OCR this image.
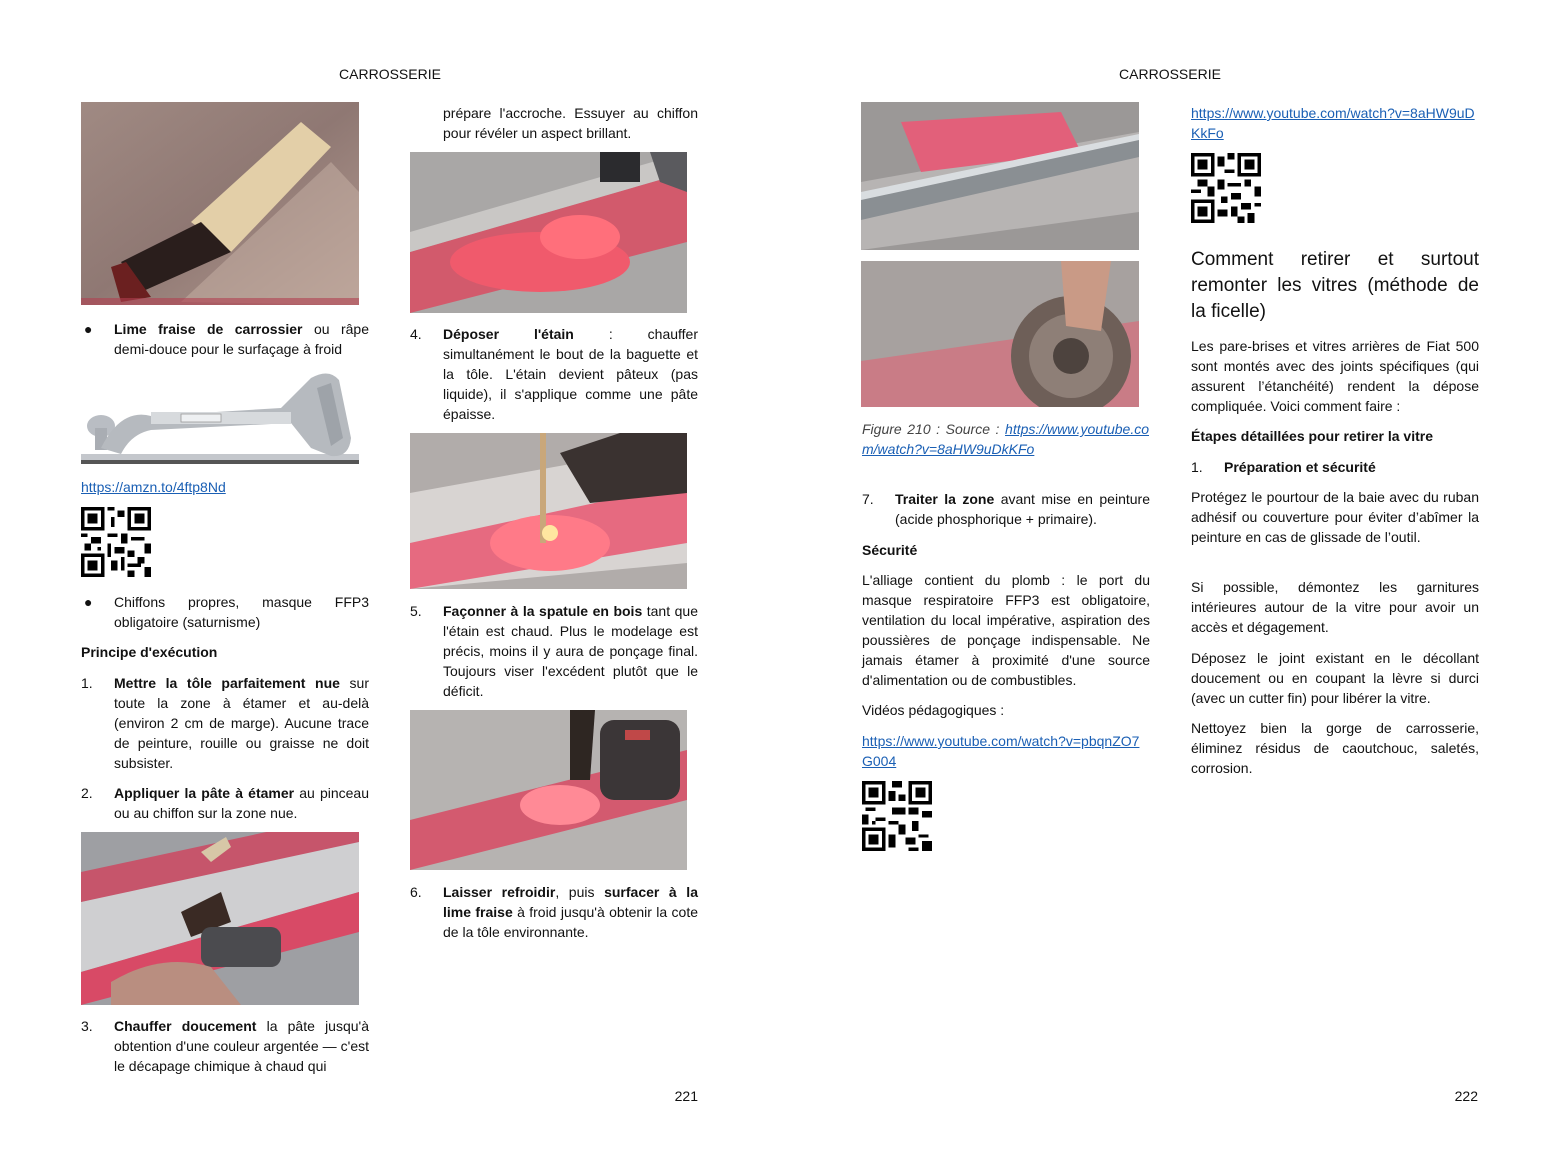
CARROSSERIE
● Lime fraise de carrossier ou râpe demi-douce pour le surfaçage à froid
https://amzn.to/4ftp8Nd
● Chiffons propres, masque FFP3 obligatoire (saturnisme)
Principe d'exécution
1. Mettre la tôle parfaitement nue sur toute la zone à étamer et au-delà (environ 2 cm de marge). Aucune trace de peinture, rouille ou graisse ne doit subsister.
2. Appliquer la pâte à étamer au pinceau ou au chiffon sur la zone nue.
3. Chauffer doucement la pâte jusqu'à obtention d'une couleur argentée — c'est le décapage chimique à chaud qui
prépare l'accroche. Essuyer au chiffon pour révéler un aspect brillant.
4. Déposer l'étain : chauffer simultanément le bout de la baguette et la tôle. L'étain devient pâteux (pas liquide), il s'applique comme une pâte épaisse.
5. Façonner à la spatule en bois tant que l'étain est chaud. Plus le modelage est précis, moins il y aura de ponçage final. Toujours viser l'excédent plutôt que le déficit.
6. Laisser refroidir, puis surfacer à la lime fraise à froid jusqu'à obtenir la cote de la tôle environnante.
221
CARROSSERIE
Figure 210 : Source : https://www.youtube.com/watch?v=8aHW9uDkKFo
7. Traiter la zone avant mise en peinture (acide phosphorique + primaire).
Sécurité
L'alliage contient du plomb : le port du masque respiratoire FFP3 est obligatoire, ventilation du local impérative, aspiration des poussières de ponçage indispensable. Ne jamais étamer à proximité d'une source d'alimentation ou de combustibles.
Vidéos pédagogiques :
https://www.youtube.com/watch?v=pbqnZO7G004
https://www.youtube.com/watch?v=8aHW9uDKkFo
Comment retirer et surtout remonter les vitres (méthode de la ficelle)
Les pare-brises et vitres arrières de Fiat 500 sont montés avec des joints spécifiques (qui assurent l’étanchéité) rendent la dépose compliquée. Voici comment faire :
Étapes détaillées pour retirer la vitre
1. Préparation et sécurité
Protégez le pourtour de la baie avec du ruban adhésif ou couverture pour éviter d’abîmer la peinture en cas de glissade de l’outil.
Si possible, démontez les garnitures intérieures autour de la vitre pour avoir un accès et dégagement.
Déposez le joint existant en le décollant doucement ou en coupant la lèvre si durci (avec un cutter fin) pour libérer la vitre.
Nettoyez bien la gorge de carrosserie, éliminez résidus de caoutchouc, saletés, corrosion.
222
